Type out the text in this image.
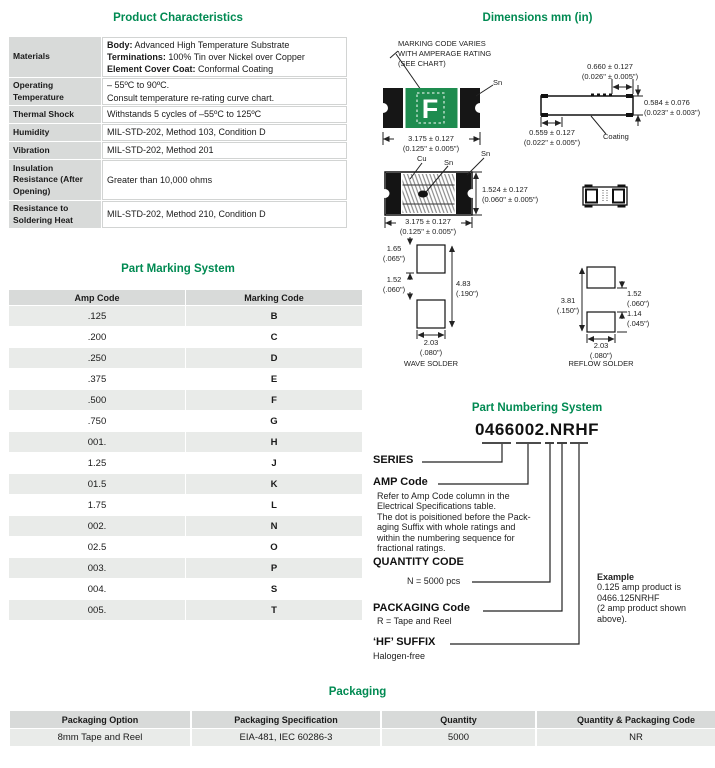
Product Characteristics
Materials	Body: Advanced High Temperature Substrate
Terminations: 100% Tin over Nickel over Copper
Element Cover Coat: Conformal Coating

Operating Temperature	– 55ºC to 90ºC.
Consult temperature re-rating curve chart.

Thermal Shock	Withstands 5 cycles of –55ºC to 125ºC
Humidity	MIL-STD-202, Method 103, Condition D
Vibration	MIL-STD-202, Method 201
Insulation Resistance (After Opening)	Greater than 10,000 ohms
Resistance to Soldering Heat	MIL-STD-202, Method 210, Condition D
Part Marking System
Amp Code	Marking Code
.125	B
.200	C
.250	D
.375	E
.500	F
.750	G
001.	H
1.25	J
01.5	K
1.75	L
002.	N
02.5	O
003.	P
004.	S
005.	T
Dimensions mm (in)
F
MARKING CODE VARIES
WITH AMPERAGE RATING
(SEE CHART)
Sn
3.175 ± 0.127
(0.125" ± 0.005")
0.660 ± 0.127
(0.026" ± 0.005")
0.584 ± 0.076
(0.023" ± 0.003")
0.559 ± 0.127
(0.022" ± 0.005")
Coating
Cu Sn
Sn
1.524 ± 0.127
(0.060" ± 0.005")
3.175 ± 0.127
(0.125" ± 0.005")
1.65
(.065")
1.52
(.060")
4.83
(.190")
2.03
(.080")
WAVE SOLDER
3.81
(.150")
1.52
(.060")
1.14
(.045")
2.03
(.080")
REFLOW SOLDER
Part Numbering System
0466002.NRHF
SERIES
AMP Code
Refer to Amp Code column in the
Electrical Specifications table.
The dot is poisitioned before the Pack-
aging Suffix with whole ratings and
within the numbering sequence for
fractional ratings.
QUANTITY CODE
N = 5000 pcs
PACKAGING Code
R = Tape and Reel
‘HF’ SUFFIX
Halogen-free
Example
0.125 amp product is
0466.125NRHF
(2 amp product shown
above).
Packaging
Packaging Option	Packaging Specification	Quantity	Quantity & Packaging Code
8mm Tape and Reel	EIA-481, IEC 60286-3	5000	NR
